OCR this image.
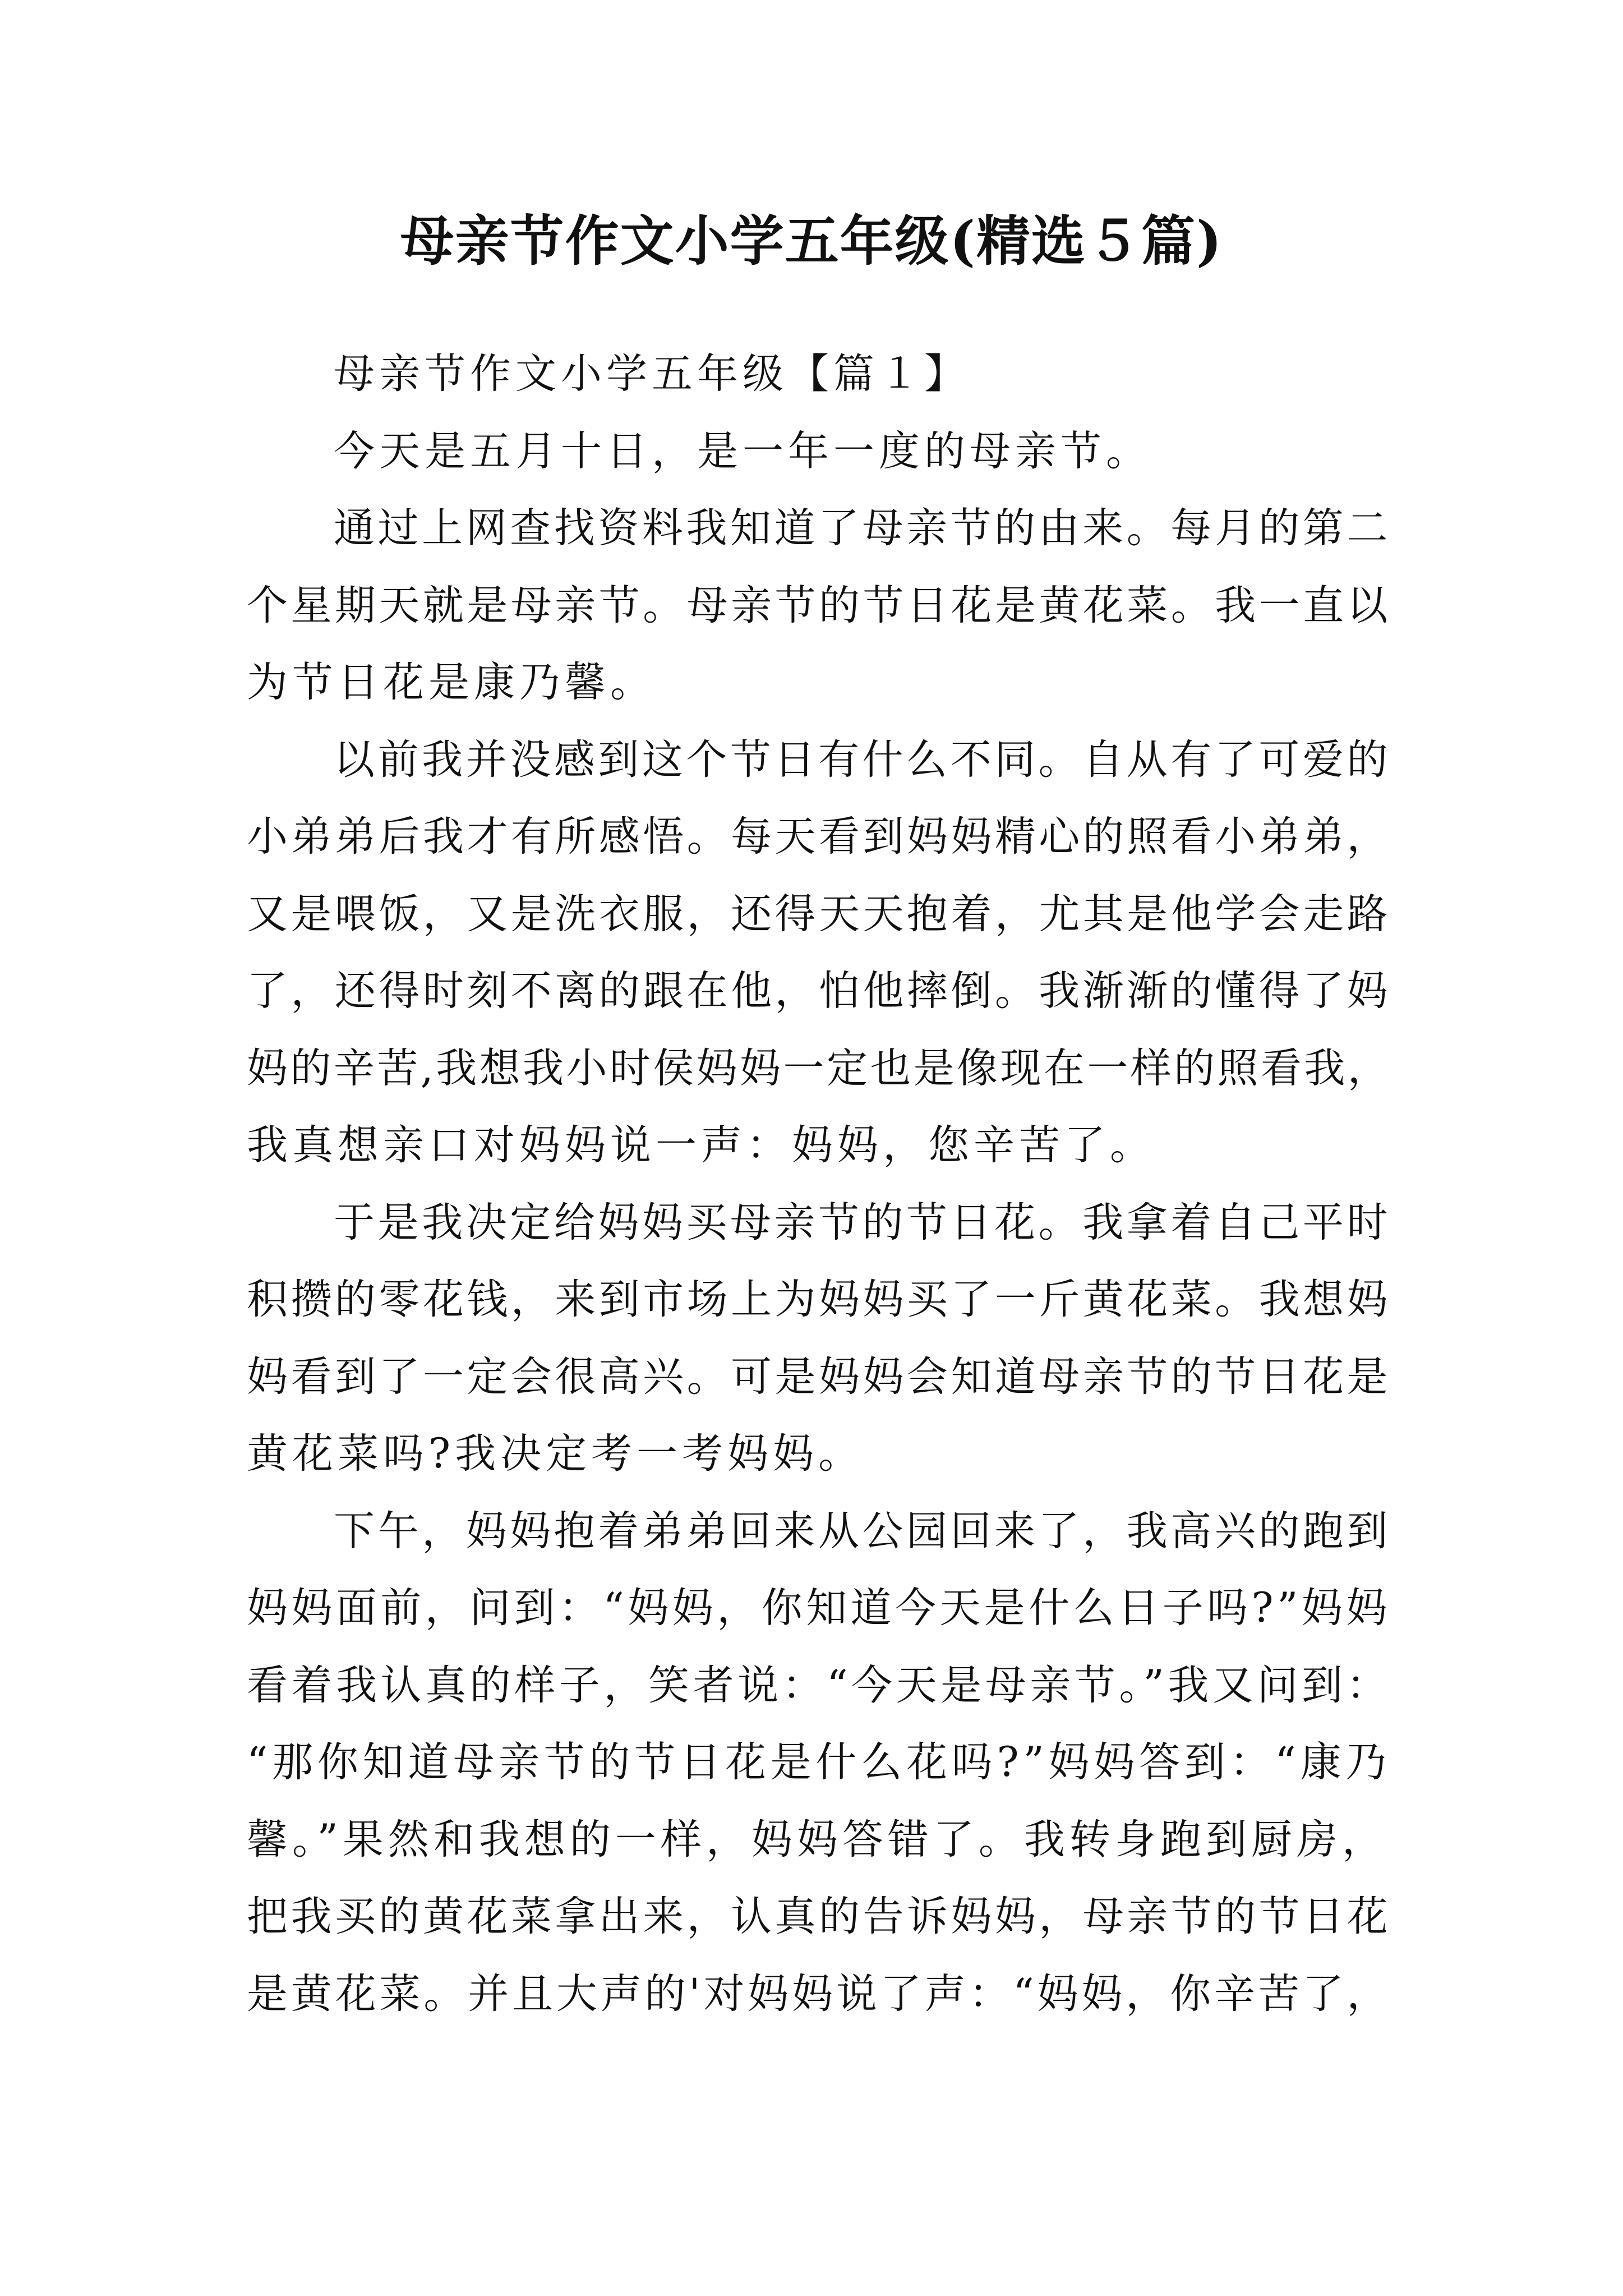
母亲节作文小学五年级(精选５篇)
母亲节作文小学五年级【篇１】
今天是五月十日，是一年一度的母亲节。
通过上网查找资料我知道了母亲节的由来。每月的第二
个星期天就是母亲节。母亲节的节日花是黄花菜。我一直以
为节日花是康乃馨。
以前我并没感到这个节日有什么不同。自从有了可爱的
小弟弟后我才有所感悟。每天看到妈妈精心的照看小弟弟，
又是喂饭，又是洗衣服，还得天天抱着，尤其是他学会走路
了，还得时刻不离的跟在他，怕他摔倒。我渐渐的懂得了妈
妈的辛苦,我想我小时侯妈妈一定也是像现在一样的照看我，
我真想亲口对妈妈说一声：妈妈，您辛苦了。
于是我决定给妈妈买母亲节的节日花。我拿着自己平时
积攒的零花钱，来到市场上为妈妈买了一斤黄花菜。我想妈
妈看到了一定会很高兴。可是妈妈会知道母亲节的节日花是
黄花菜吗?我决定考一考妈妈。
下午，妈妈抱着弟弟回来从公园回来了，我高兴的跑到
妈妈面前，问到：“妈妈，你知道今天是什么日子吗?”妈妈
看着我认真的样子，笑者说：“今天是母亲节。”我又问到：
“那你知道母亲节的节日花是什么花吗?”妈妈答到：“康乃
馨。”果然和我想的一样，妈妈答错了。我转身跑到厨房，
把我买的黄花菜拿出来，认真的告诉妈妈，母亲节的节日花
是黄花菜。并且大声的'对妈妈说了声：“妈妈，你辛苦了，
